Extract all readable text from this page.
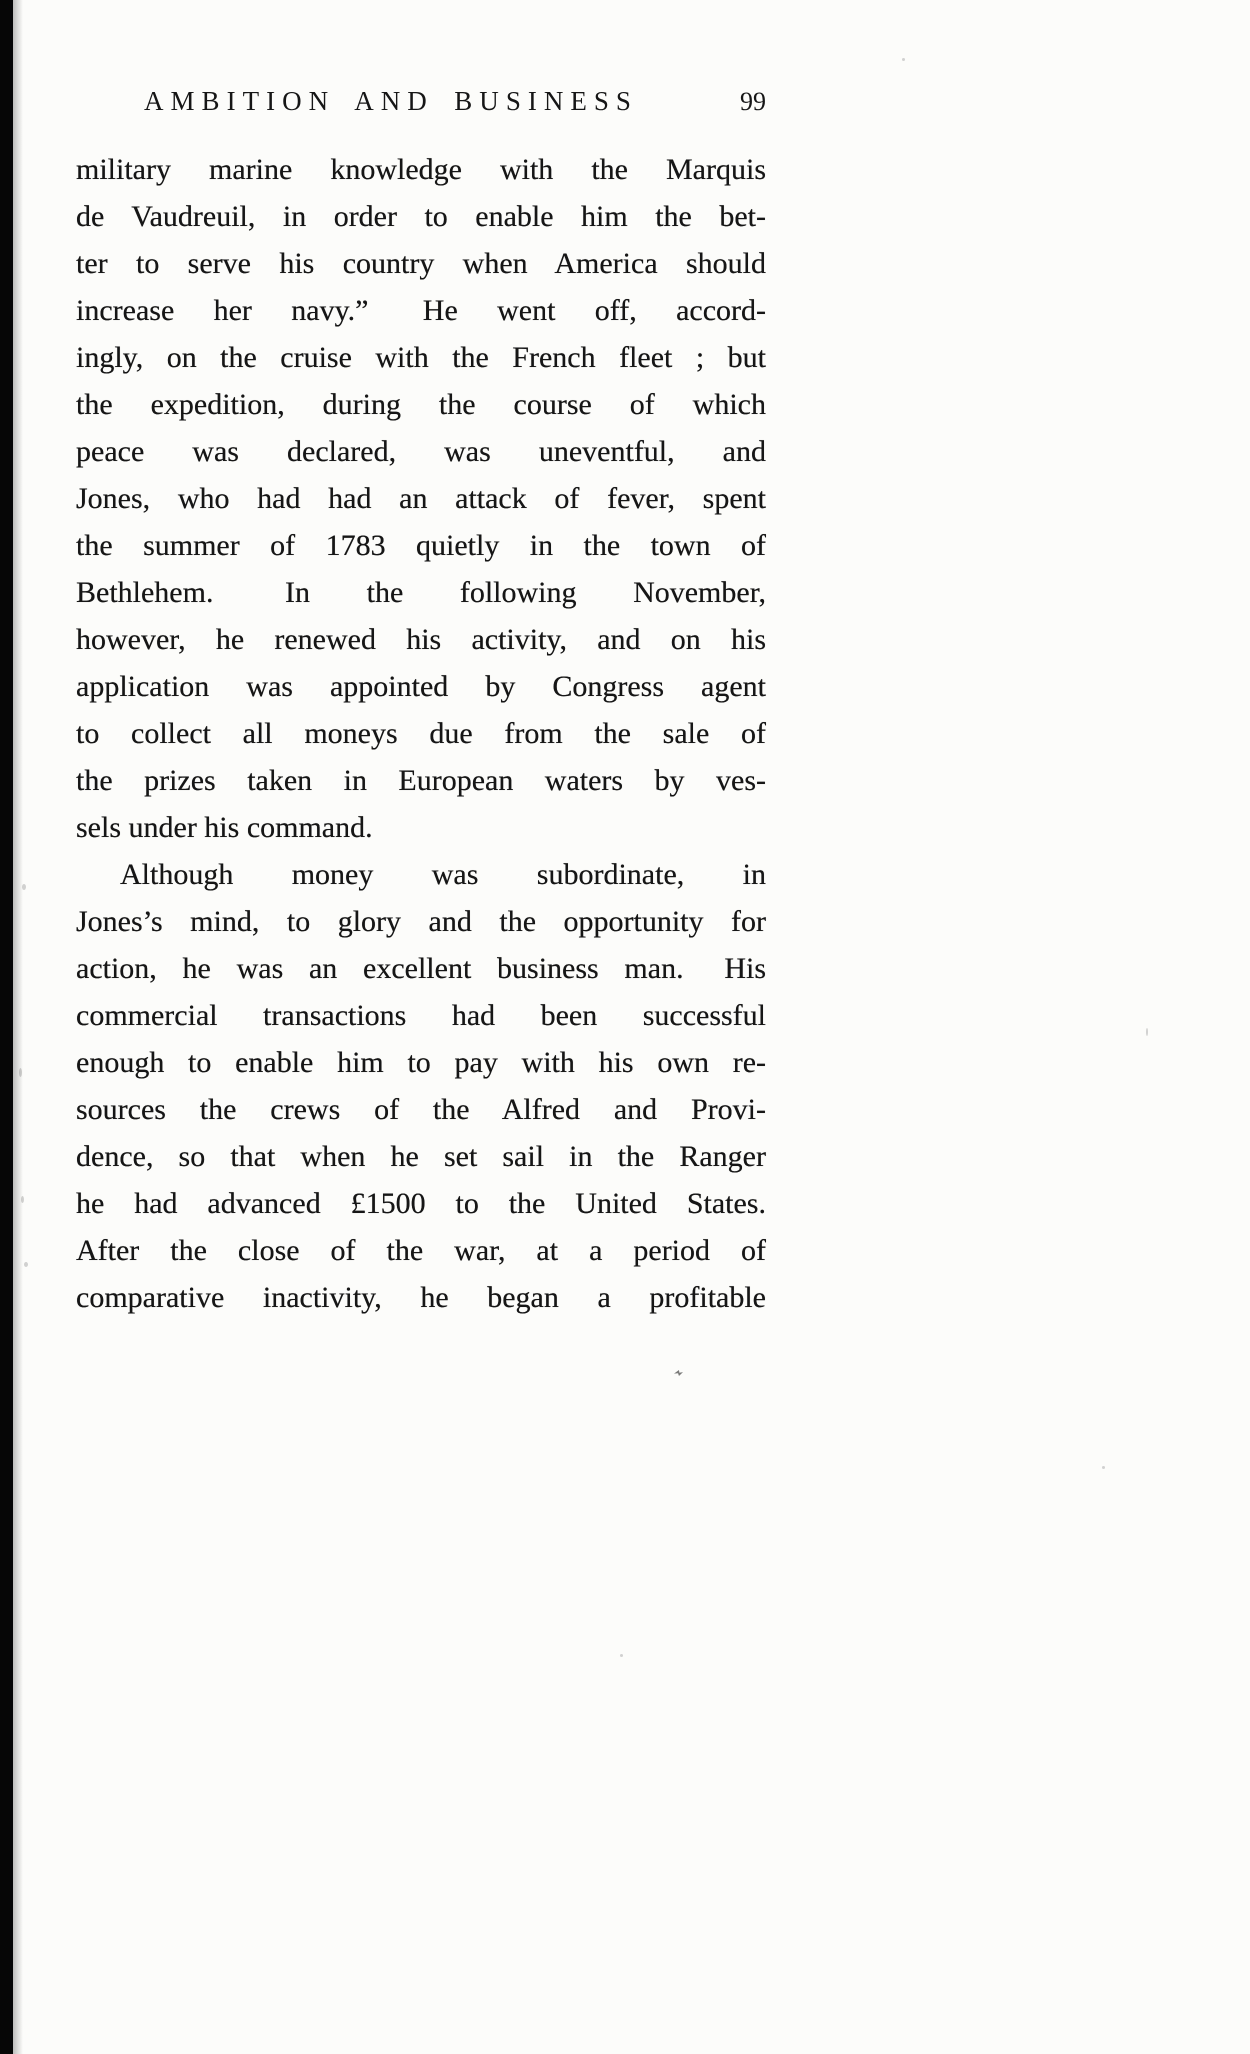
AMBITION AND BUSINESS	99
military marine knowledge with the Marquis
de Vaudreuil, in order to enable him the bet-
ter to serve his country when America should
increase her navy.”  He went off, accord-
ingly, on the cruise with the French fleet ; but
the expedition, during the course of which
peace was declared, was uneventful, and
Jones, who had had an attack of fever, spent
the summer of 1783 quietly in the town of
Bethlehem.  In the following November,
however, he renewed his activity, and on his
application was appointed by Congress agent
to collect all moneys due from the sale of
the prizes taken in European waters by ves-
sels under his command.
Although money was subordinate, in
Jones’s mind, to glory and the opportunity for
action, he was an excellent business man.  His
commercial transactions had been successful
enough to enable him to pay with his own re-
sources the crews of the Alfred and Provi-
dence, so that when he set sail in the Ranger
he had advanced £1500 to the United States.
After the close of the war, at a period of
comparative inactivity, he began a profitable
